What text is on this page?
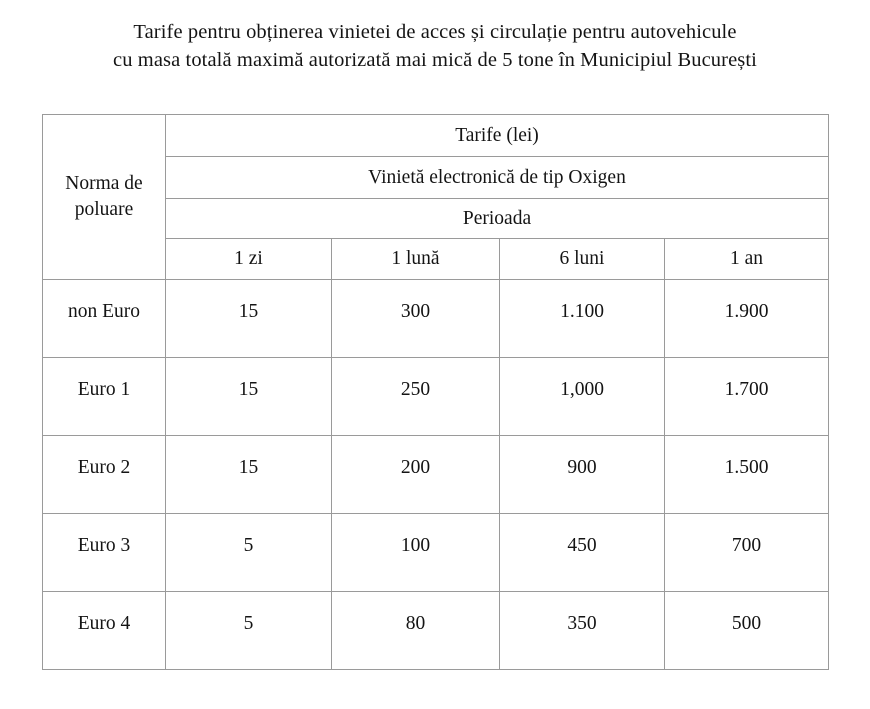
Tarife pentru obținerea vinietei de acces și circulație pentru autovehicule
cu masa totală maximă autorizată mai mică de 5 tone în Municipiul București
Norma de
poluare	Tarife (lei)			
	Vinietă electronică de tip Oxigen			
	Perioada			
	1 zi	1 lună	6 luni	1 an

non Euro	15	300	1.100	1.900

Euro 1	15	250	1,000	1.700

Euro 2	15	200	900	1.500

Euro 3	5	100	450	700

Euro 4	5	80	350	500
